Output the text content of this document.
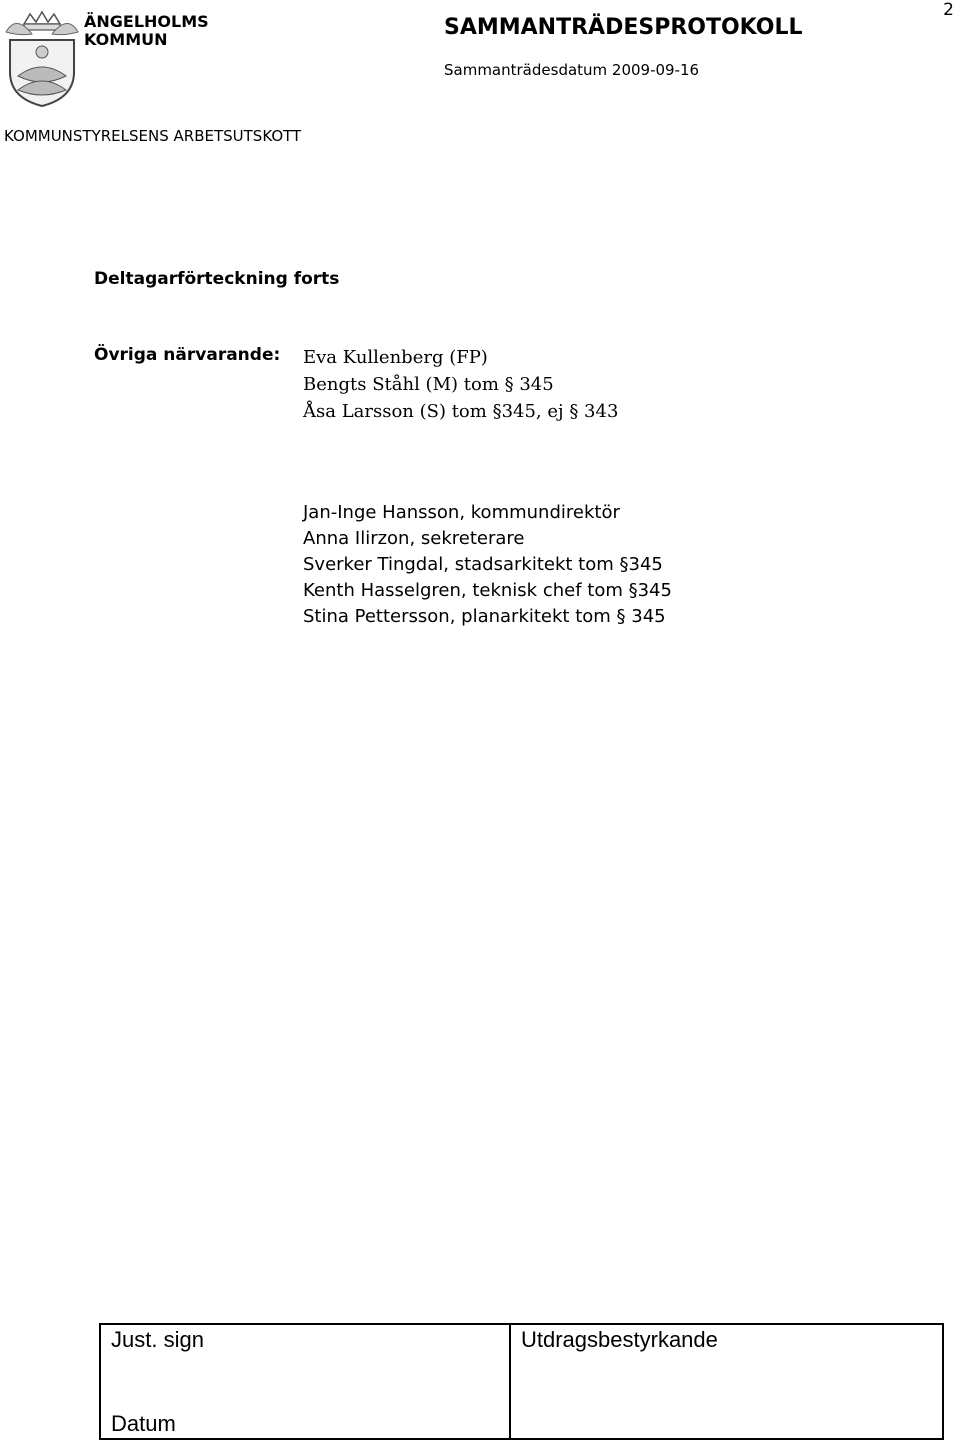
2
ÄNGELHOLMS
KOMMUN	SAMMANTRÄDESPROTOKOLL
Sammanträdesdatum 2009-09-16
KOMMUNSTYRELSENS ARBETSUTSKOTT
Deltagarförteckning forts
Övriga närvarande: Eva Kullenberg (FP)
Bengts Ståhl (M) tom § 345
Åsa Larsson (S) tom §345, ej § 343
Jan-Inge Hansson, kommundirektör
Anna Ilirzon, sekreterare
Sverker Tingdal, stadsarkitekt tom §345
Kenth Hasselgren, teknisk chef tom §345
Stina Pettersson, planarkitekt tom § 345
Just. sign
Datum
Utdragsbestyrkande
